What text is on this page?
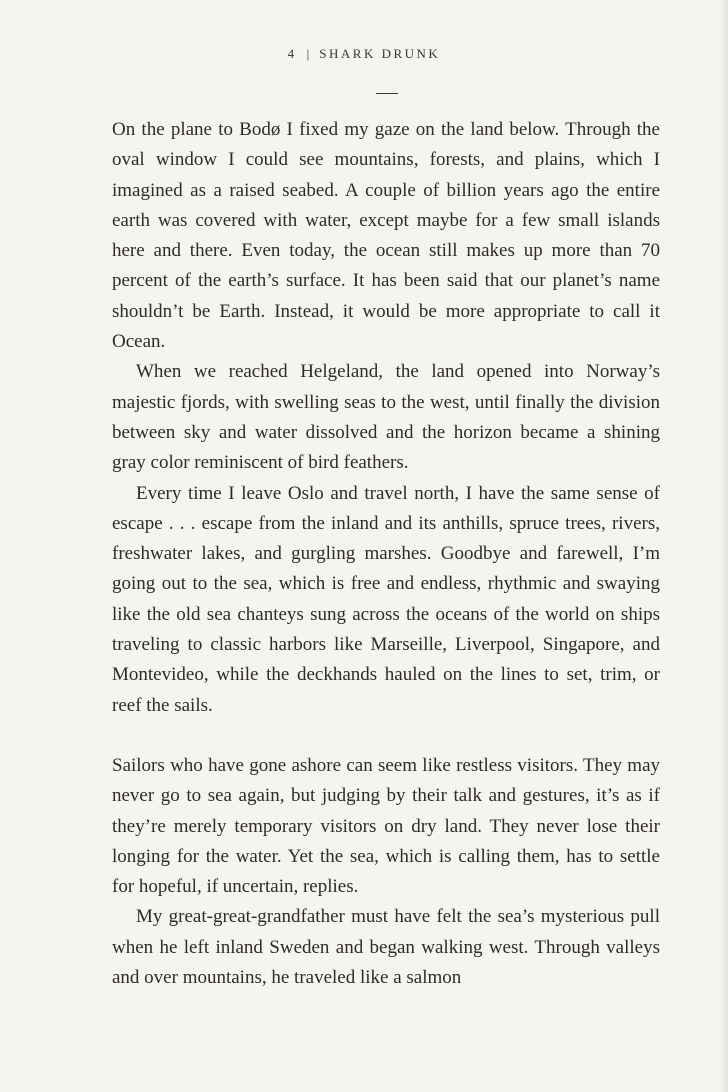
4 | SHARK DRUNK

On the plane to Bodø I fixed my gaze on the land below. Through the oval window I could see mountains, forests, and plains, which I imagined as a raised seabed. A couple of billion years ago the entire earth was covered with water, except maybe for a few small islands here and there. Even today, the ocean still makes up more than 70 percent of the earth’s surface. It has been said that our planet’s name shouldn’t be Earth. Instead, it would be more appropriate to call it Ocean.

When we reached Helgeland, the land opened into Norway’s majestic fjords, with swelling seas to the west, until finally the division between sky and water dissolved and the horizon became a shining gray color reminiscent of bird feathers.

Every time I leave Oslo and travel north, I have the same sense of escape . . . escape from the inland and its anthills, spruce trees, rivers, freshwater lakes, and gurgling marshes. Goodbye and farewell, I’m going out to the sea, which is free and endless, rhythmic and swaying like the old sea chanteys sung across the oceans of the world on ships traveling to classic harbors like Marseille, Liverpool, Singapore, and Montevideo, while the deckhands hauled on the lines to set, trim, or reef the sails.

Sailors who have gone ashore can seem like restless visitors. They may never go to sea again, but judging by their talk and gestures, it’s as if they’re merely temporary visitors on dry land. They never lose their longing for the water. Yet the sea, which is calling them, has to settle for hopeful, if uncertain, replies.

My great-great-grandfather must have felt the sea’s mysterious pull when he left inland Sweden and began walking west. Through valleys and over mountains, he traveled like a salmon
